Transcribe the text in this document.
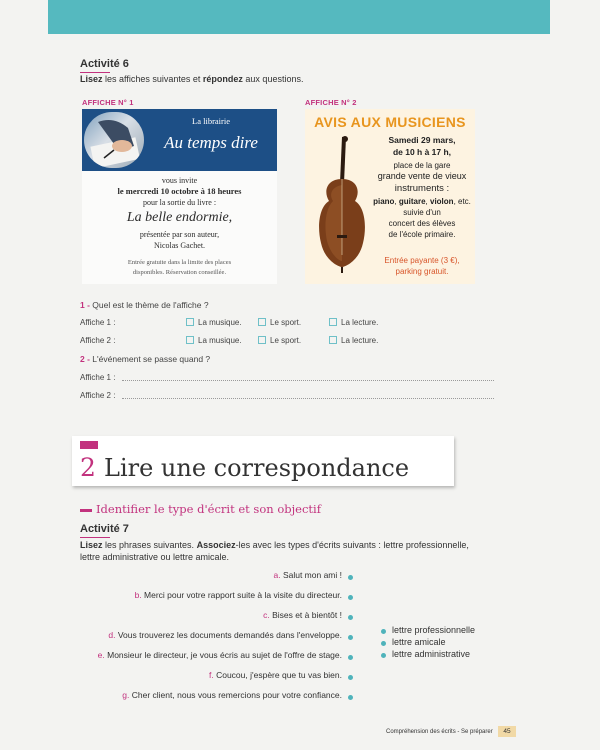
Activité 6
Lisez les affiches suivantes et répondez aux questions.
AFFICHE N° 1	AFFICHE N° 2
La librairie
Au temps dire
vous invite
le mercredi 10 octobre à 18 heures
pour la sortie du livre :
La belle endormie,
présentée par son auteur,
Nicolas Gachet.
Entrée gratuite dans la limite des places
disponibles. Réservation conseillée.
AVIS AUX MUSICIENS
Samedi 29 mars,
de 10 h à 17 h,
place de la gare
grande vente de vieux
instruments :
piano, guitare, violon, etc.
suivie d'un
concert des élèves
de l'école primaire.
Entrée payante (3 €),
parking gratuit.
1 - Quel est le thème de l'affiche ?
Affiche 1 :	La musique.	Le sport.	La lecture.
Affiche 2 :	La musique.	Le sport.	La lecture.
2 - L'événement se passe quand ?
Affiche 1 :
Affiche 2 :
2 Lire une correspondance
Identifier le type d'écrit et son objectif
Activité 7
Lisez les phrases suivantes. Associez-les avec les types d'écrits suivants : lettre professionnelle,
lettre administrative ou lettre amicale.
a. Salut mon ami !
b. Merci pour votre rapport suite à la visite du directeur.
c. Bises et à bientôt !
d. Vous trouverez les documents demandés dans l'enveloppe.
e. Monsieur le directeur, je vous écris au sujet de l'offre de stage.
f. Coucou, j'espère que tu vas bien.
g. Cher client, nous vous remercions pour votre confiance.
lettre professionnelle
lettre amicale
lettre administrative
Compréhension des écrits - Se préparer	45
